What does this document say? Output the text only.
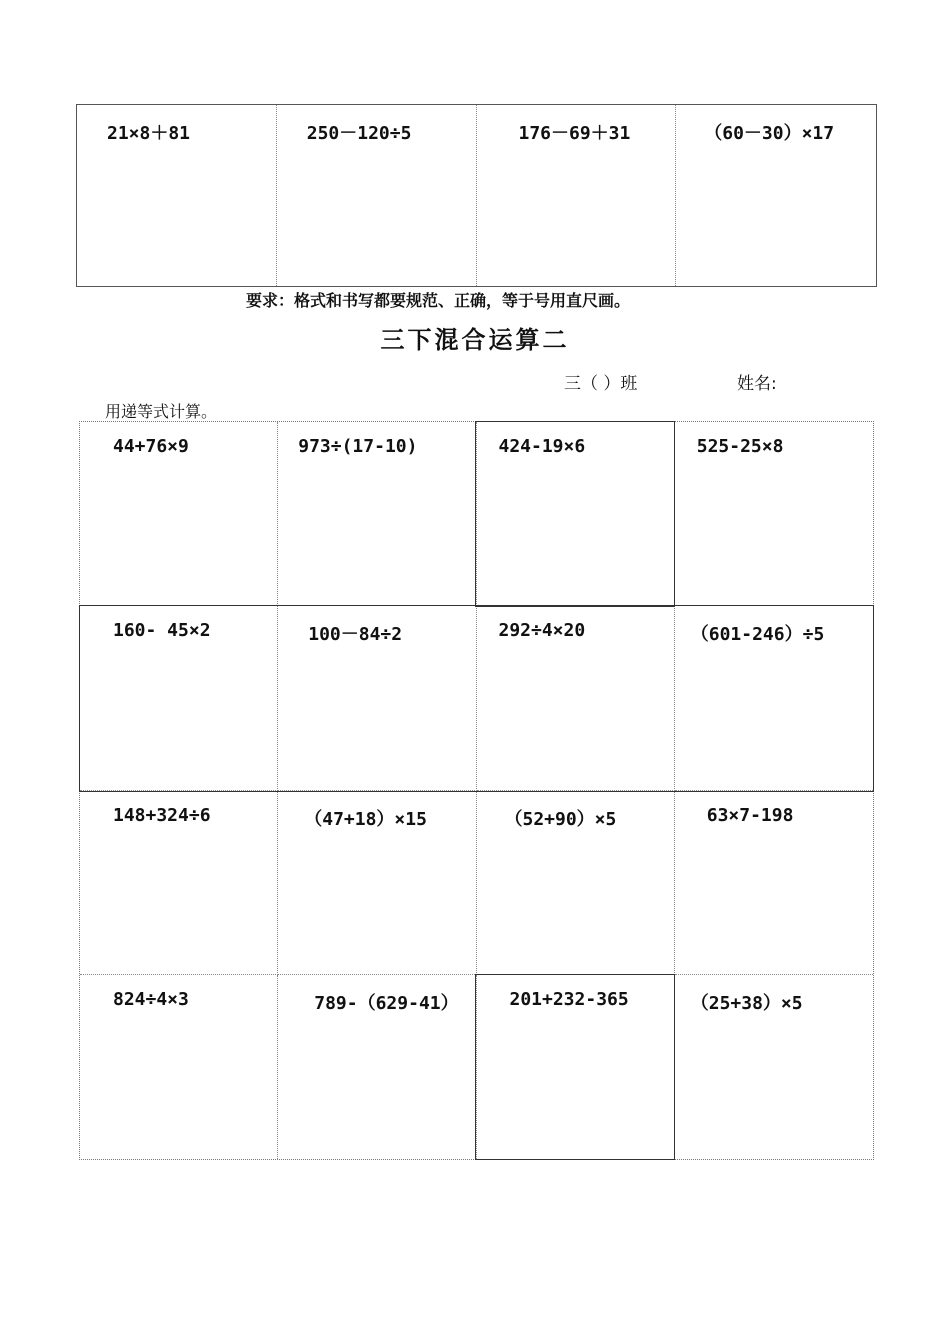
21×8＋81	250－120÷5	176－69＋31	（60－30）×17
要求：格式和书写都要规范、正确，等于号用直尺画。
三下混合运算二
三（ ）班	姓名:
用递等式计算。
44+76×9	973÷(17-10)	424-19×6	525-25×8
160- 45×2	100－84÷2	292÷4×20	（601-246）÷5
148+324÷6	（47+18）×15	（52+90）×5	63×7-198
824÷4×3	789-（629-41）	201+232-365	（25+38）×5
